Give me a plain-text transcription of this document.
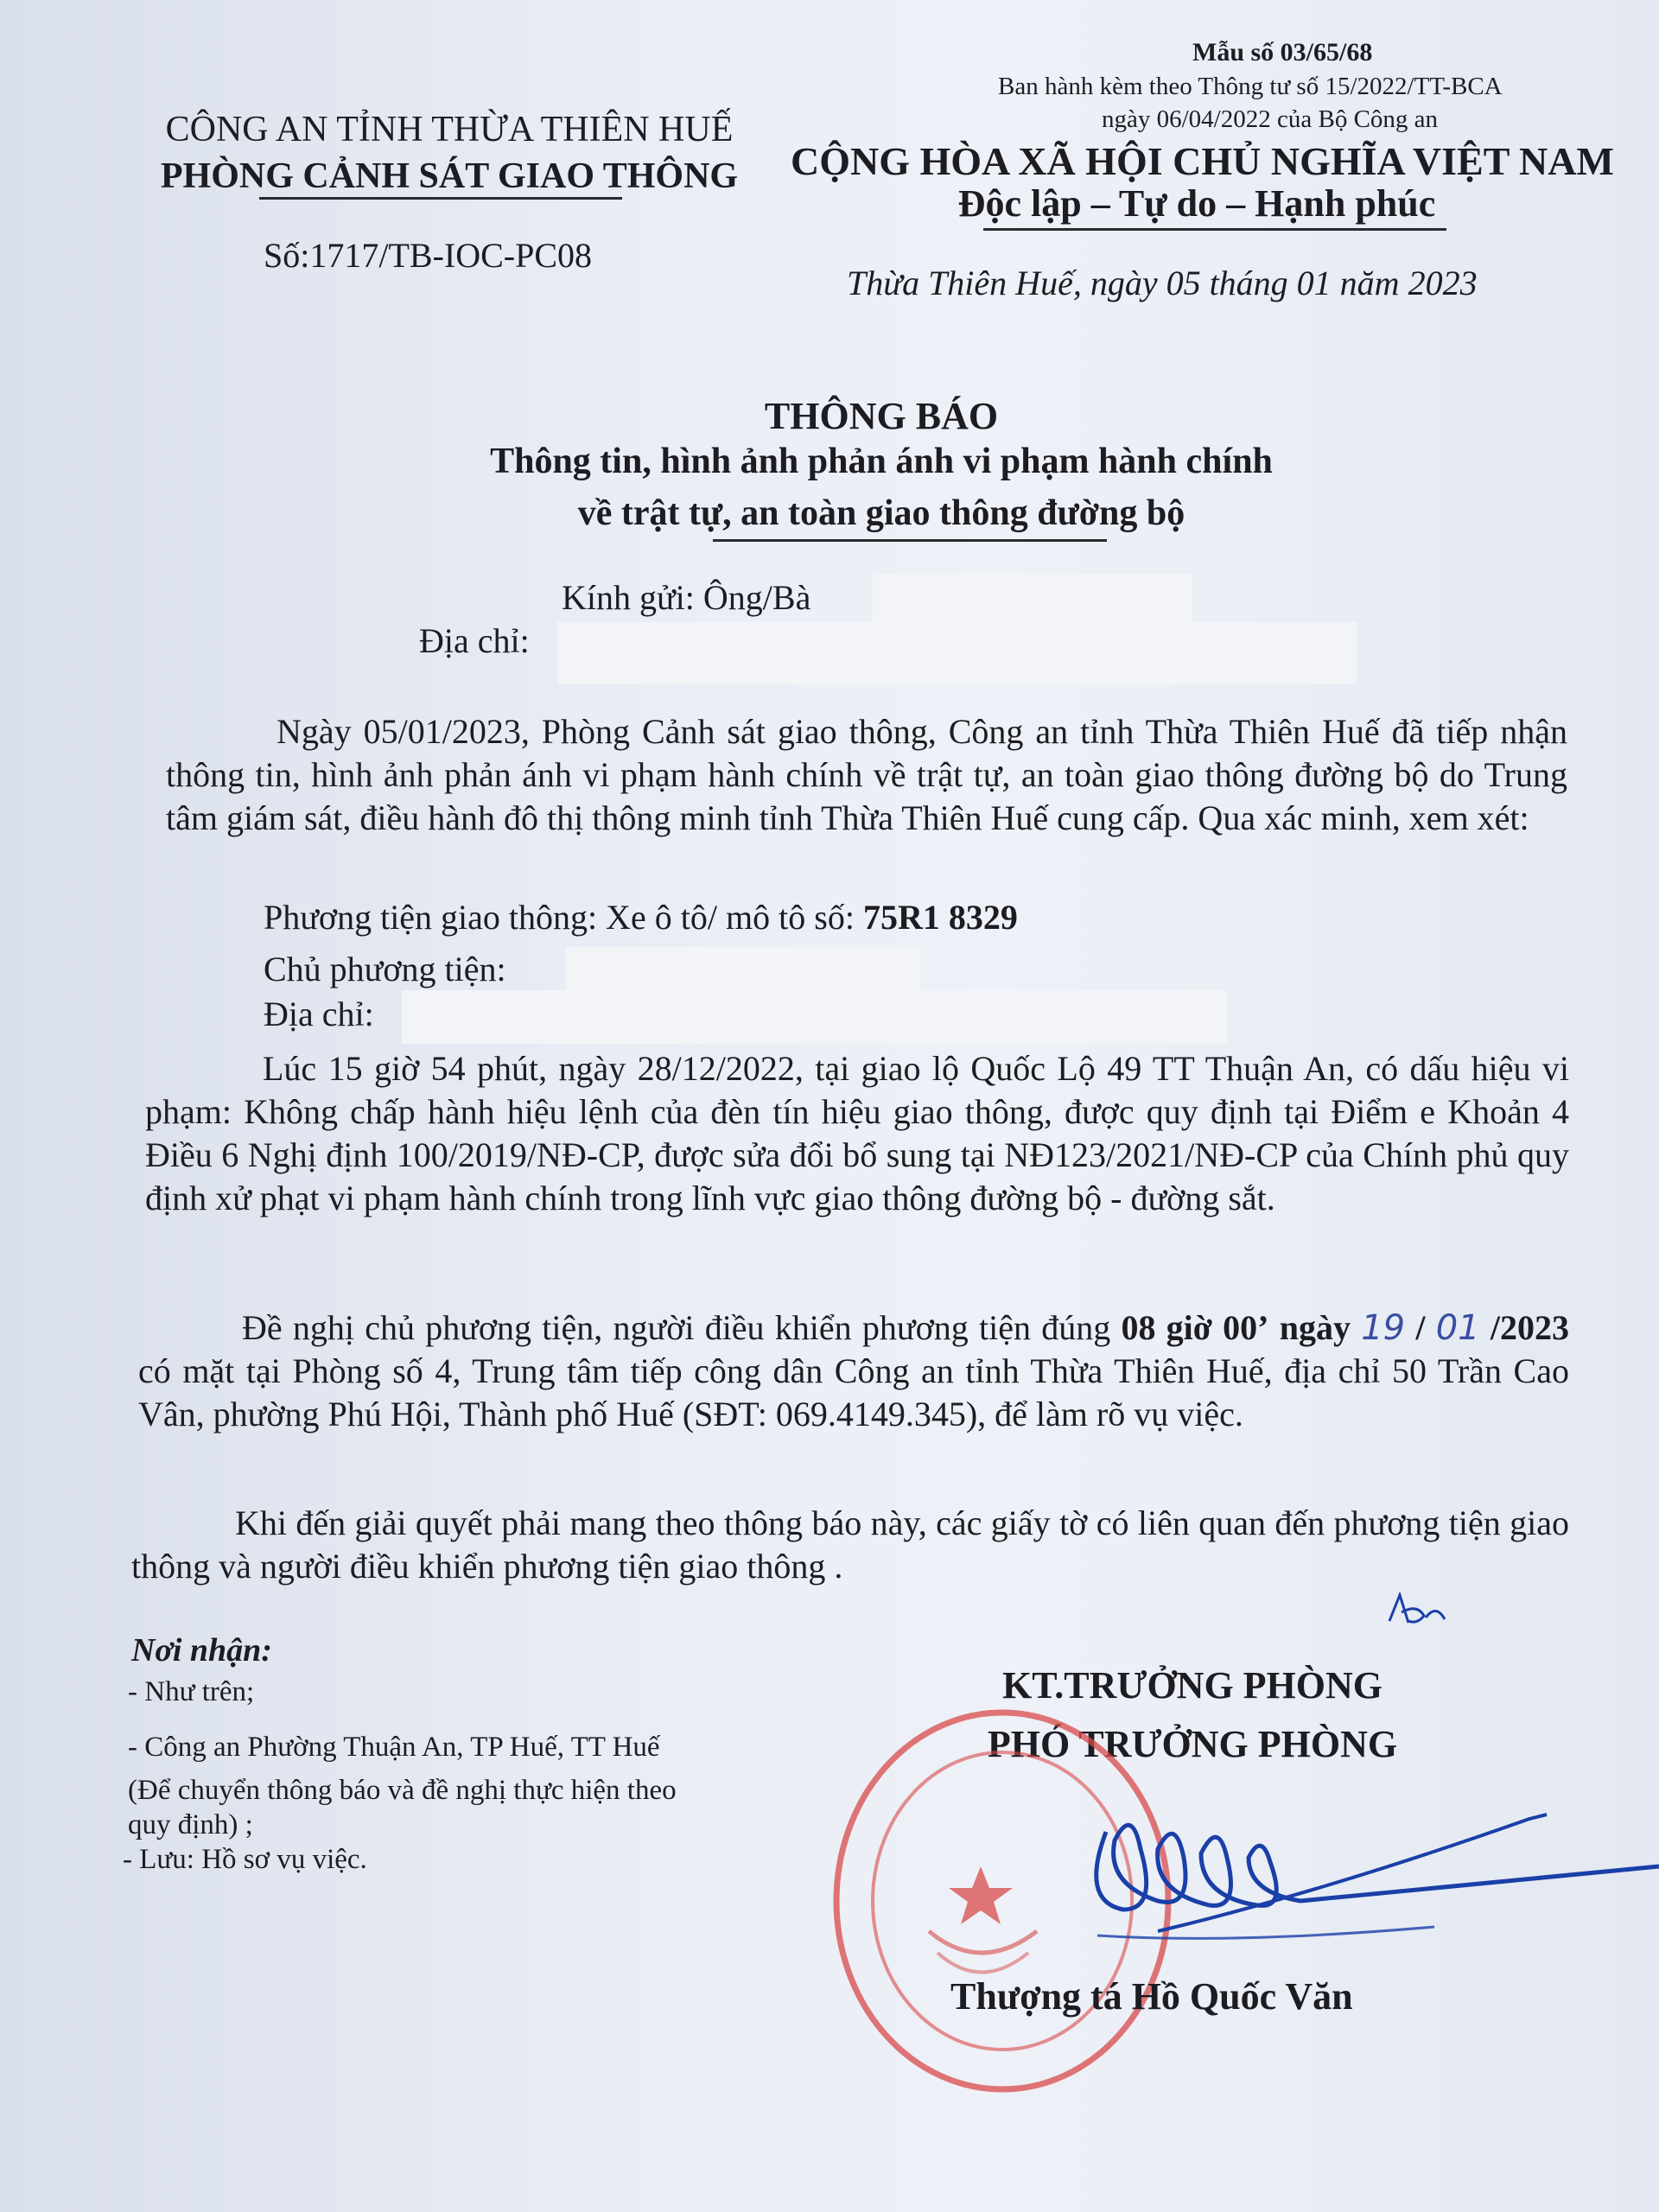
Mẫu số 03/65/68
Ban hành kèm theo Thông tư số 15/2022/TT-BCA
ngày 06/04/2022 của Bộ Công an
CÔNG AN TỈNH THỪA THIÊN HUẾ
PHÒNG CẢNH SÁT GIAO THÔNG
Số:1717/TB-IOC-PC08
CỘNG HÒA XÃ HỘI CHỦ NGHĨA VIỆT NAM
Độc lập – Tự do – Hạnh phúc
Thừa Thiên Huế, ngày 05 tháng 01 năm 2023
THÔNG BÁO
Thông tin, hình ảnh phản ánh vi phạm hành chính
về trật tự, an toàn giao thông đường bộ
Kính gửi: Ông/Bà
Địa chỉ:
Ngày 05/01/2023, Phòng Cảnh sát giao thông, Công an tỉnh Thừa Thiên Huế đã tiếp nhận thông tin, hình ảnh phản ánh vi phạm hành chính về trật tự, an toàn giao thông đường bộ do Trung tâm giám sát, điều hành đô thị thông minh tỉnh Thừa Thiên Huế cung cấp. Qua xác minh, xem xét:
Phương tiện giao thông: Xe ô tô/ mô tô số: 75R1 8329
Chủ phương tiện:
Địa chỉ:
Lúc 15 giờ 54 phút, ngày 28/12/2022, tại giao lộ Quốc Lộ 49 TT Thuận An, có dấu hiệu vi phạm: Không chấp hành hiệu lệnh của đèn tín hiệu giao thông, được quy định tại Điểm e Khoản 4 Điều 6 Nghị định 100/2019/NĐ-CP, được sửa đổi bổ sung tại NĐ123/2021/NĐ-CP của Chính phủ quy định xử phạt vi phạm hành chính trong lĩnh vực giao thông đường bộ - đường sắt.
Đề nghị chủ phương tiện, người điều khiển phương tiện đúng 08 giờ 00’ ngày 19 / 01 /2023 có mặt tại Phòng số 4, Trung tâm tiếp công dân Công an tỉnh Thừa Thiên Huế, địa chỉ 50 Trần Cao Vân, phường Phú Hội, Thành phố Huế (SĐT: 069.4149.345), để làm rõ vụ việc.
Khi đến giải quyết phải mang theo thông báo này, các giấy tờ có liên quan đến phương tiện giao thông và người điều khiển phương tiện giao thông .
Nơi nhận:
- Như trên;
- Công an Phường Thuận An, TP Huế, TT Huế
(Để chuyển thông báo và đề nghị thực hiện theo
quy định) ;
- Lưu: Hồ sơ vụ việc.
KT.TRƯỞNG PHÒNG
PHÓ TRƯỞNG PHÒNG
Thượng tá Hồ Quốc Văn
